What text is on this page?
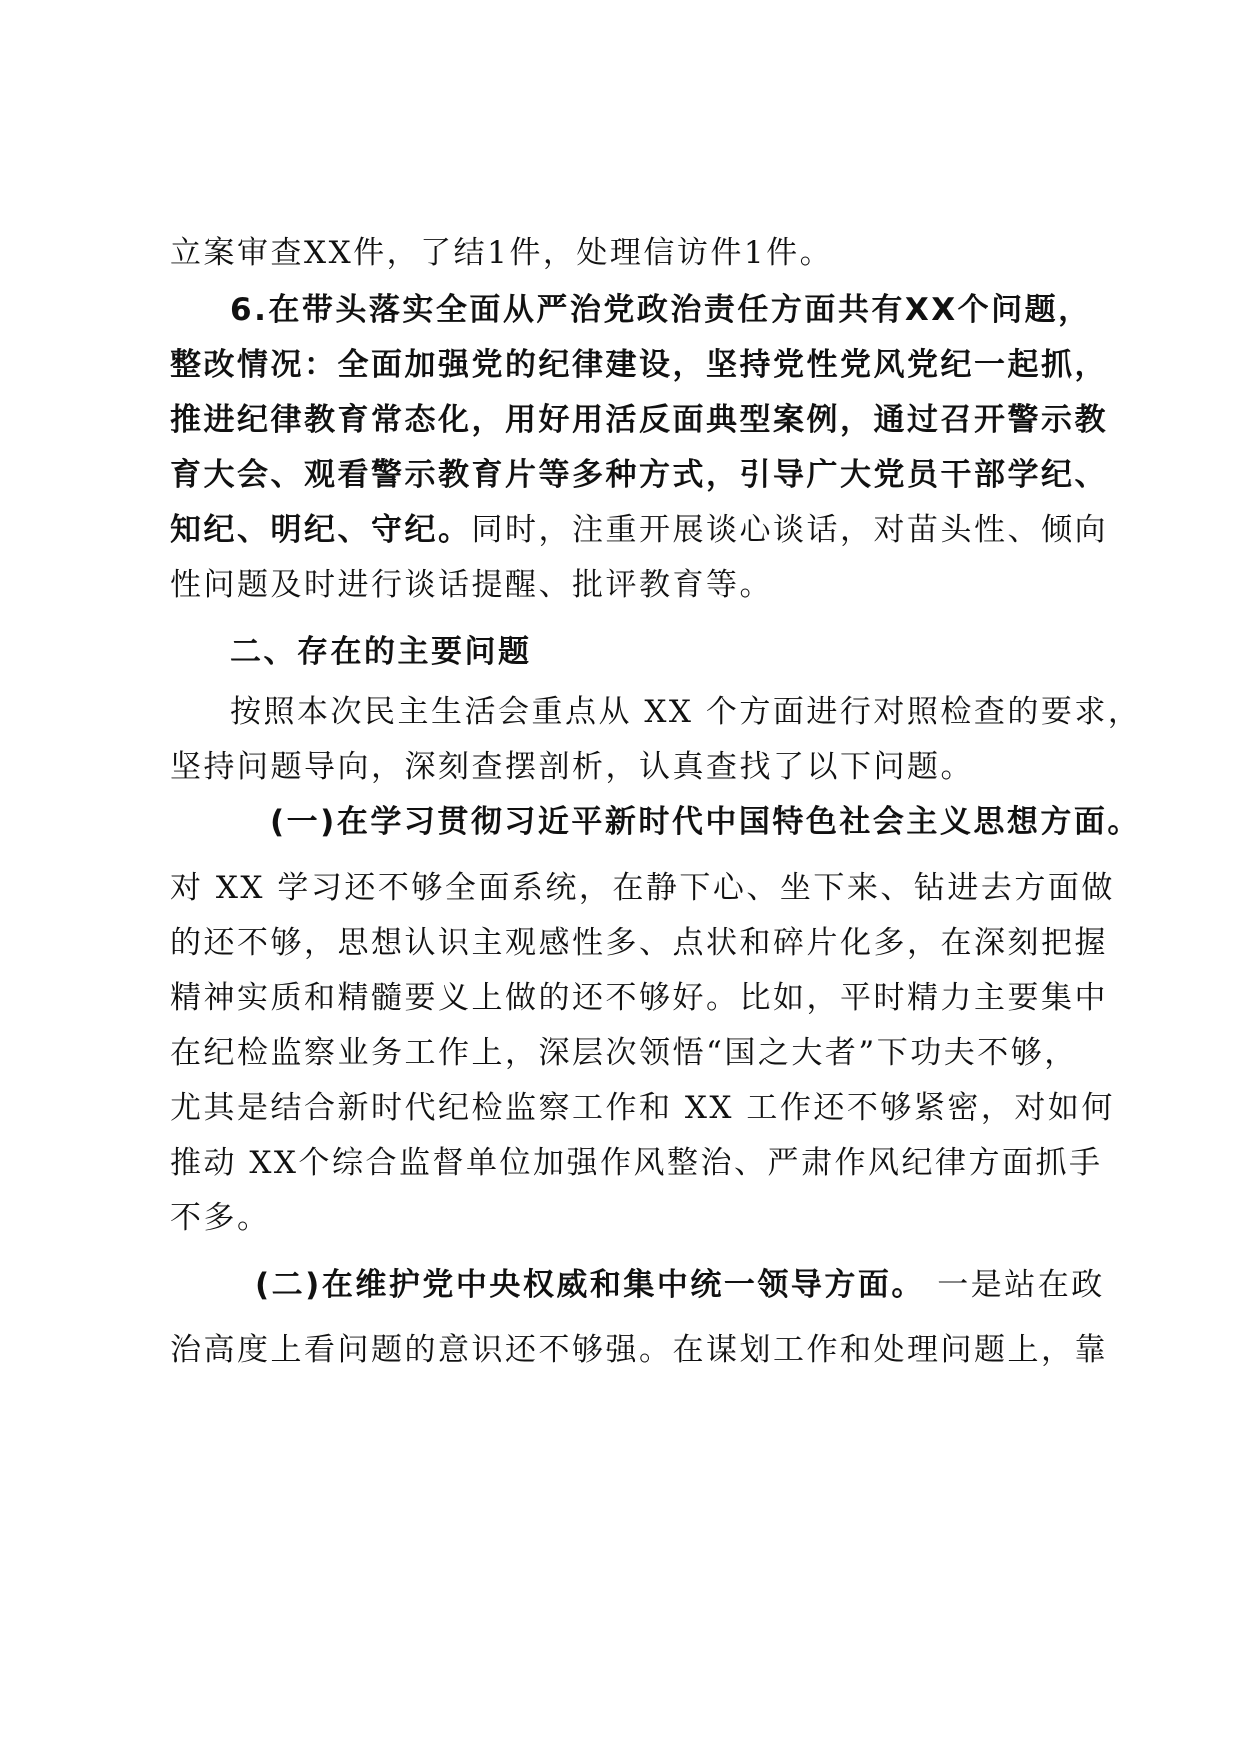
立案审查XX件，了结1件，处理信访件1件。
6.在带头落实全面从严治党政治责任方面共有XX个问题，
整改情况：全面加强党的纪律建设，坚持党性党风党纪一起抓，
推进纪律教育常态化，用好用活反面典型案例，通过召开警示教
育大会、观看警示教育片等多种方式，引导广大党员干部学纪、
知纪、明纪、守纪。同时，注重开展谈心谈话，对苗头性、倾向
性问题及时进行谈话提醒、批评教育等。
二、存在的主要问题
按照本次民主生活会重点从 XX 个方面进行对照检查的要求，
坚持问题导向，深刻查摆剖析，认真查找了以下问题。
(一)在学习贯彻习近平新时代中国特色社会主义思想方面。
对 XX 学习还不够全面系统，在静下心、坐下来、钻进去方面做
的还不够，思想认识主观感性多、点状和碎片化多，在深刻把握
精神实质和精髓要义上做的还不够好。比如，平时精力主要集中
在纪检监察业务工作上，深层次领悟“国之大者”下功夫不够，
尤其是结合新时代纪检监察工作和 XX 工作还不够紧密，对如何
推动 XX个综合监督单位加强作风整治、严肃作风纪律方面抓手
不多。
(二)在维护党中央权威和集中统一领导方面。 一是站在政
治高度上看问题的意识还不够强。在谋划工作和处理问题上，靠
